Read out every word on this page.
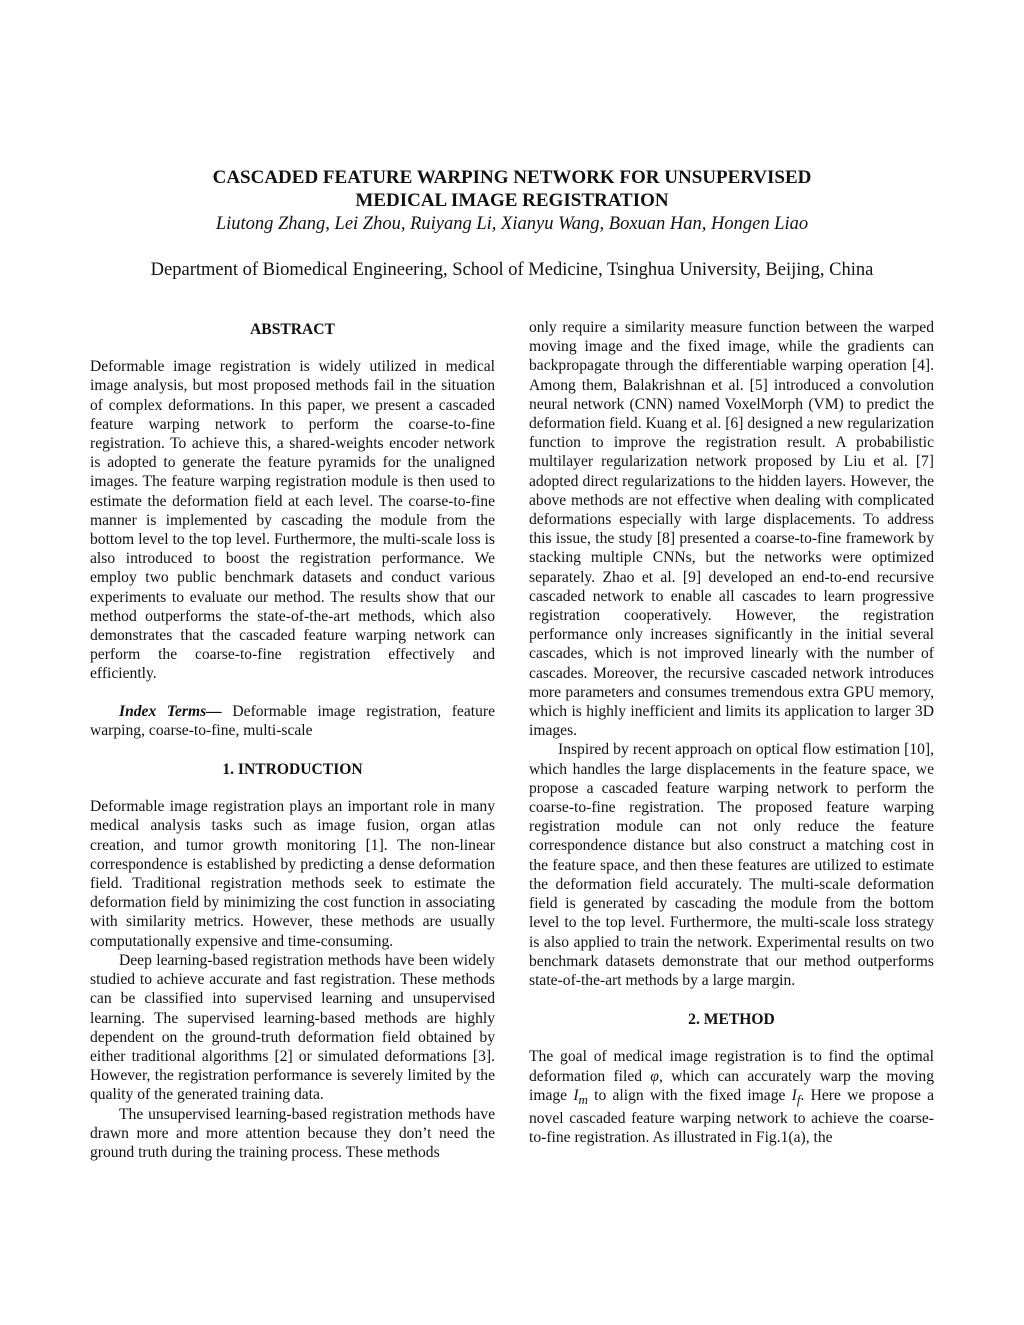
CASCADED FEATURE WARPING NETWORK FOR UNSUPERVISED
MEDICAL IMAGE REGISTRATION
Liutong Zhang, Lei Zhou, Ruiyang Li, Xianyu Wang, Boxuan Han, Hongen Liao
Department of Biomedical Engineering, School of Medicine, Tsinghua University, Beijing, China
ABSTRACT

Deformable image registration is widely utilized in medical image analysis, but most proposed methods fail in the situation of complex deformations. In this paper, we present a cascaded feature warping network to perform the coarse-to-fine registration. To achieve this, a shared-weights encoder network is adopted to generate the feature pyramids for the unaligned images. The feature warping registration module is then used to estimate the deformation field at each level. The coarse-to-fine manner is implemented by cascading the module from the bottom level to the top level. Furthermore, the multi-scale loss is also introduced to boost the registration performance. We employ two public benchmark datasets and conduct various experiments to evaluate our method. The results show that our method outperforms the state-of-the-art methods, which also demonstrates that the cascaded feature warping network can perform the coarse-to-fine registration effectively and efficiently.

Index Terms— Deformable image registration, feature warping, coarse-to-fine, multi-scale

1. INTRODUCTION

Deformable image registration plays an important role in many medical analysis tasks such as image fusion, organ atlas creation, and tumor growth monitoring [1]. The non-linear correspondence is established by predicting a dense deformation field. Traditional registration methods seek to estimate the deformation field by minimizing the cost function in associating with similarity metrics. However, these methods are usually computationally expensive and time-consuming.

Deep learning-based registration methods have been widely studied to achieve accurate and fast registration. These methods can be classified into supervised learning and unsupervised learning. The supervised learning-based methods are highly dependent on the ground-truth deformation field obtained by either traditional algorithms [2] or simulated deformations [3]. However, the registration performance is severely limited by the quality of the generated training data.

The unsupervised learning-based registration methods have drawn more and more attention because they don’t need the ground truth during the training process. These methods

only require a similarity measure function between the warped moving image and the fixed image, while the gradients can backpropagate through the differentiable warping operation [4]. Among them, Balakrishnan et al. [5] introduced a convolution neural network (CNN) named VoxelMorph (VM) to predict the deformation field. Kuang et al. [6] designed a new regularization function to improve the registration result. A probabilistic multilayer regularization network proposed by Liu et al. [7] adopted direct regularizations to the hidden layers. However, the above methods are not effective when dealing with complicated deformations especially with large displacements. To address this issue, the study [8] presented a coarse-to-fine framework by stacking multiple CNNs, but the networks were optimized separately. Zhao et al. [9] developed an end-to-end recursive cascaded network to enable all cascades to learn progressive registration cooperatively. However, the registration performance only increases significantly in the initial several cascades, which is not improved linearly with the number of cascades. Moreover, the recursive cascaded network introduces more parameters and consumes tremendous extra GPU memory, which is highly inefficient and limits its application to larger 3D images.

Inspired by recent approach on optical flow estimation [10], which handles the large displacements in the feature space, we propose a cascaded feature warping network to perform the coarse-to-fine registration. The proposed feature warping registration module can not only reduce the feature correspondence distance but also construct a matching cost in the feature space, and then these features are utilized to estimate the deformation field accurately. The multi-scale deformation field is generated by cascading the module from the bottom level to the top level. Furthermore, the multi-scale loss strategy is also applied to train the network. Experimental results on two benchmark datasets demonstrate that our method outperforms state-of-the-art methods by a large margin.

2. METHOD

The goal of medical image registration is to find the optimal deformation filed φ, which can accurately warp the moving image $I_m$ to align with the fixed image $I_f$. Here we propose a novel cascaded feature warping network to achieve the coarse-to-fine registration. As illustrated in Fig.1(a), the
